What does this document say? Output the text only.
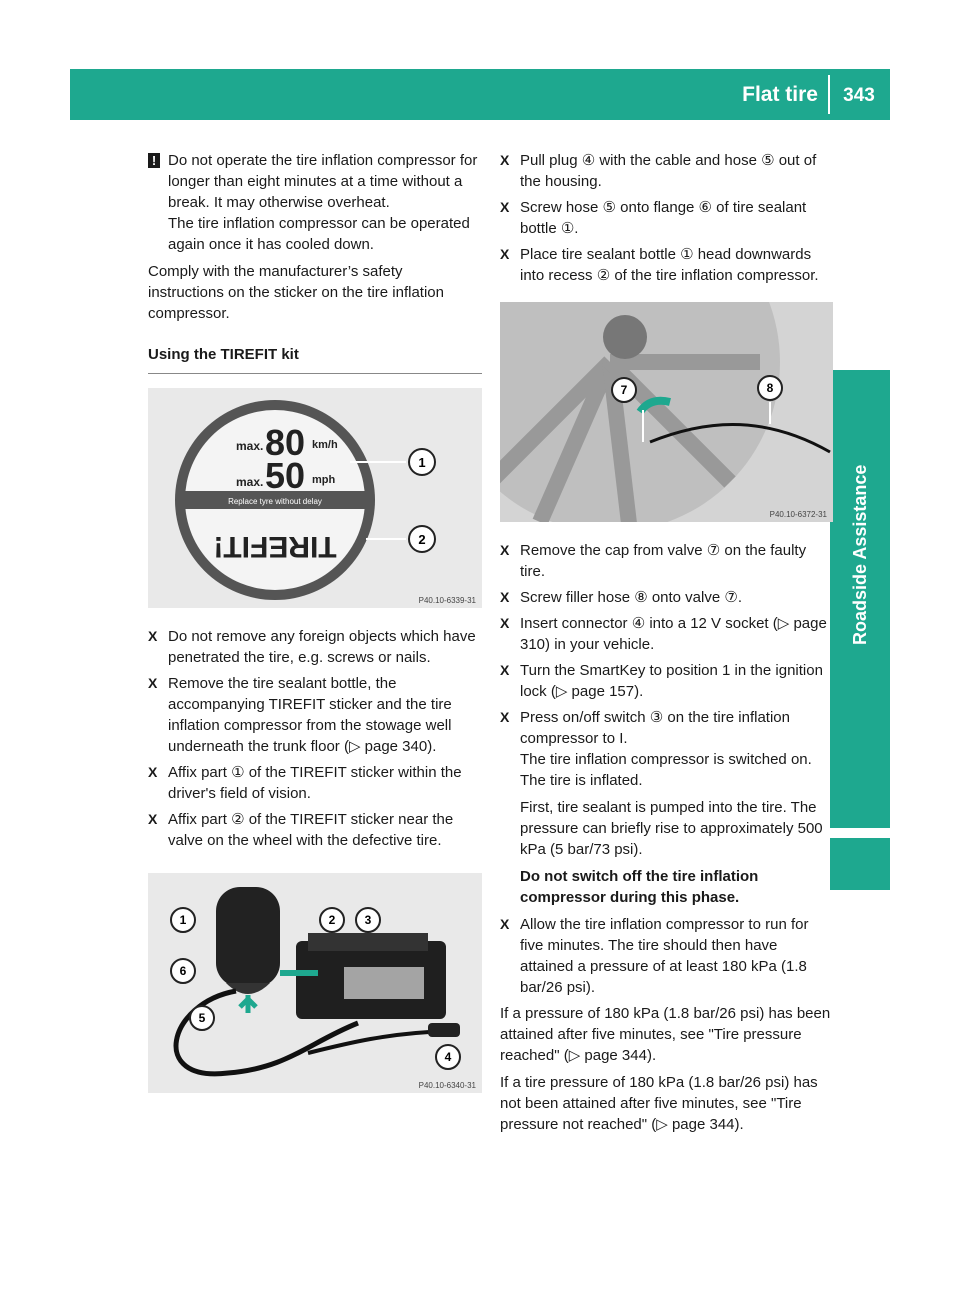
Flat tire	343
Roadside Assistance

! Do not operate the tire inflation compressor for longer than eight minutes at a time without a break. It may otherwise overheat.

The tire inflation compressor can be operated again once it has cooled down.

Comply with the manufacturer’s safety instructions on the sticker on the tire inflation compressor.

Using the TIREFIT kit
Replace tyre without delay
max. 80 km/h
max. 50 mph
TIREFIT!
1
2
P40.10-6339-31
X Do not remove any foreign objects which have penetrated the tire, e.g. screws or nails.
X Remove the tire sealant bottle, the accompanying TIREFIT sticker and the tire inflation compressor from the stowage well underneath the trunk floor (▷ page 340).
X Affix part ① of the TIREFIT sticker within the driver's field of vision.
X Affix part ② of the TIREFIT sticker near the valve on the wheel with the defective tire.
1	2 3
4
5
6
P40.10-6340-31
X Pull plug ④ with the cable and hose ⑤ out of the housing.
X Screw hose ⑤ onto flange ⑥ of tire sealant bottle ①.
X Place tire sealant bottle ① head downwards into recess ② of the tire inflation compressor.
7	8
P40.10-6372-31
X Remove the cap from valve ⑦ on the faulty tire.
X Screw filler hose ⑧ onto valve ⑦.
X Insert connector ④ into a 12 V socket (▷ page 310) in your vehicle.
X Turn the SmartKey to position 1 in the ignition lock (▷ page 157).
X Press on/off switch ③ on the tire inflation compressor to I.

The tire inflation compressor is switched on. The tire is inflated.

First, tire sealant is pumped into the tire. The pressure can briefly rise to approximately 500 kPa (5 bar/73 psi).

Do not switch off the tire inflation compressor during this phase.

X Allow the tire inflation compressor to run for five minutes. The tire should then have attained a pressure of at least 180 kPa (1.8 bar/26 psi).

If a pressure of 180 kPa (1.8 bar/26 psi) has been attained after five minutes, see "Tire pressure reached" (▷ page 344).

If a tire pressure of 180 kPa (1.8 bar/26 psi) has not been attained after five minutes, see "Tire pressure not reached" (▷ page 344).
